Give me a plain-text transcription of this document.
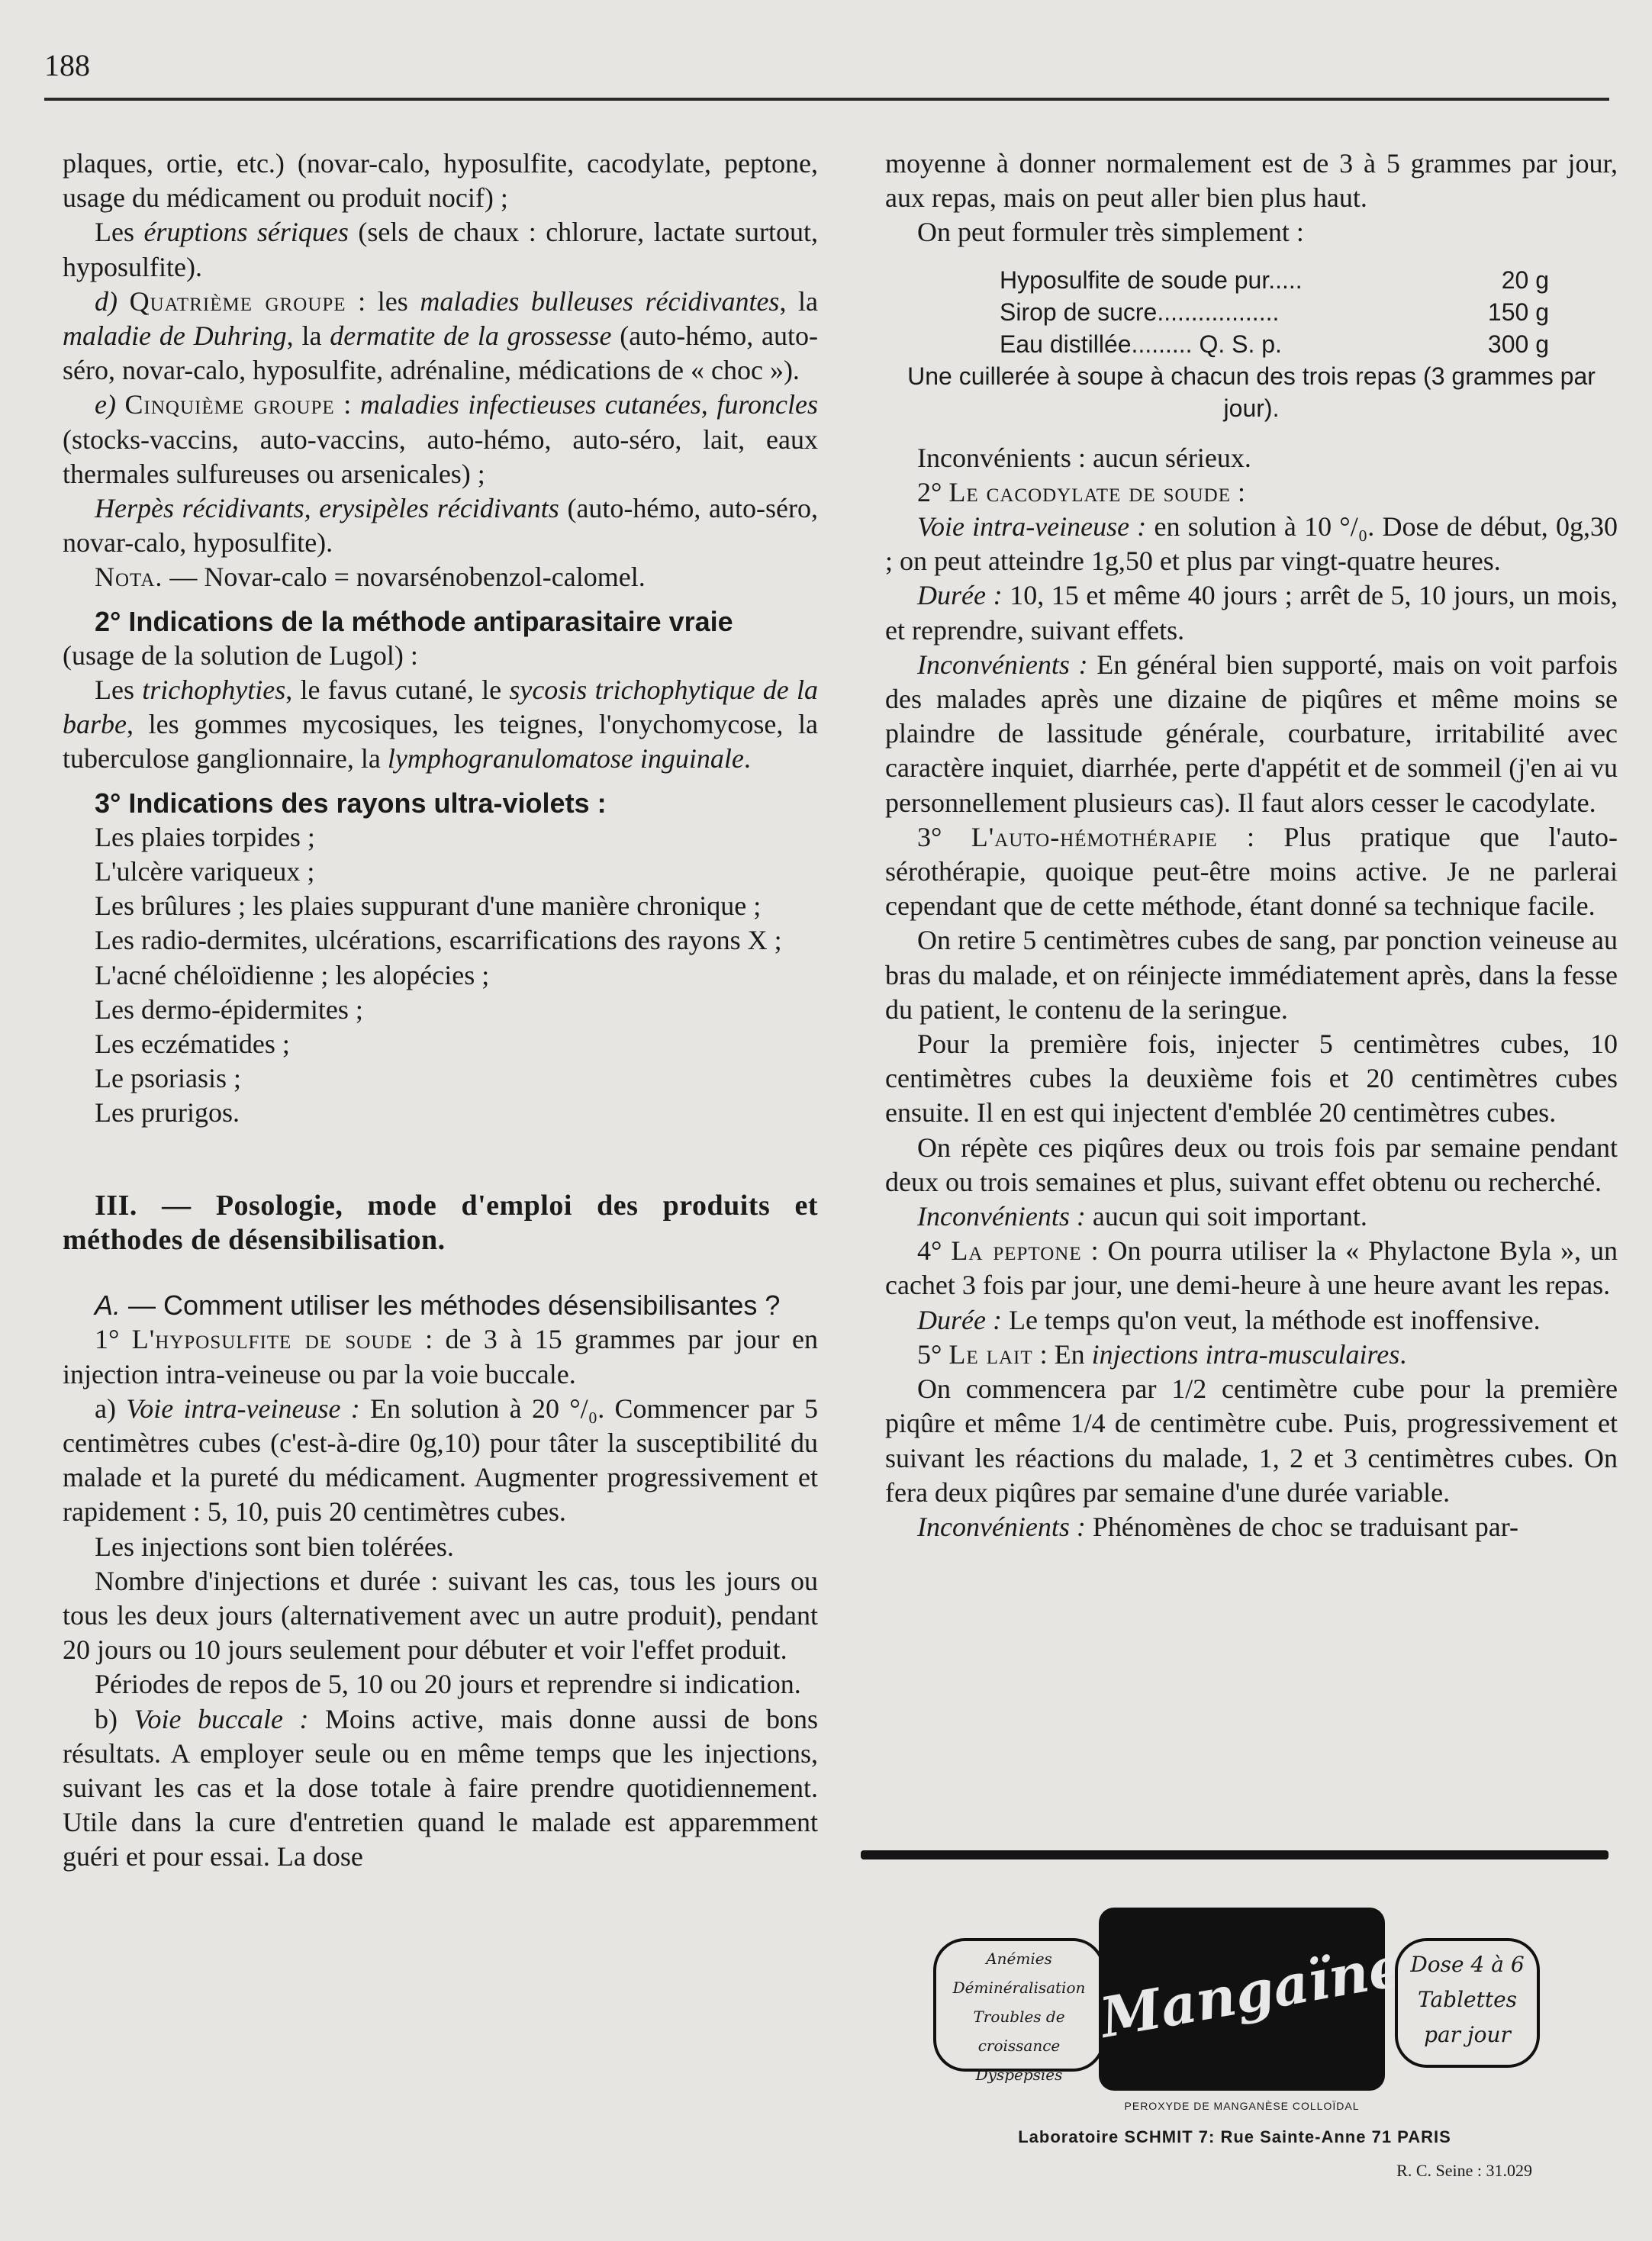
188

plaques, ortie, etc.) (novar-calo, hyposulfite, cacodylate, peptone, usage du médicament ou produit nocif) ;

Les éruptions sériques (sels de chaux : chlorure, lactate surtout, hyposulfite).

d) Quatrième groupe : les maladies bulleuses récidivantes, la maladie de Duhring, la dermatite de la grossesse (auto-hémo, auto-séro, novar-calo, hyposulfite, adrénaline, médications de « choc »).

e) Cinquième groupe : maladies infectieuses cutanées, furoncles (stocks-vaccins, auto-vaccins, auto-hémo, auto-séro, lait, eaux thermales sulfureuses ou arsenicales) ;

Herpès récidivants, erysipèles récidivants (auto-hémo, auto-séro, novar-calo, hyposulfite).

Nota. — Novar-calo = novarsénobenzol-calomel.

2° Indications de la méthode antiparasitaire vraie

(usage de la solution de Lugol) :

Les trichophyties, le favus cutané, le sycosis trichophytique de la barbe, les gommes mycosiques, les teignes, l'onychomycose, la tuberculose ganglionnaire, la lymphogranulomatose inguinale.

3° Indications des rayons ultra-violets :

Les plaies torpides ;

L'ulcère variqueux ;

Les brûlures ; les plaies suppurant d'une manière chronique ;

Les radio-dermites, ulcérations, escarrifications des rayons X ;

L'acné chéloïdienne ; les alopécies ;

Les dermo-épidermites ;

Les eczématides ;

Le psoriasis ;

Les prurigos.

III. — Posologie, mode d'emploi des produits et méthodes de désensibilisation.

A. — Comment utiliser les méthodes désensibilisantes ?

1° L'hyposulfite de soude : de 3 à 15 grammes par jour en injection intra-veineuse ou par la voie buccale.

a) Voie intra-veineuse : En solution à 20 °/₀. Commencer par 5 centimètres cubes (c'est-à-dire 0g,10) pour tâter la susceptibilité du malade et la pureté du médicament. Augmenter progressivement et rapidement : 5, 10, puis 20 centimètres cubes.

Les injections sont bien tolérées.

Nombre d'injections et durée : suivant les cas, tous les jours ou tous les deux jours (alternativement avec un autre produit), pendant 20 jours ou 10 jours seulement pour débuter et voir l'effet produit.

Périodes de repos de 5, 10 ou 20 jours et reprendre si indication.

b) Voie buccale : Moins active, mais donne aussi de bons résultats. A employer seule ou en même temps que les injections, suivant les cas et la dose totale à faire prendre quotidiennement. Utile dans la cure d'entretien quand le malade est apparemment guéri et pour essai. La dose

moyenne à donner normalement est de 3 à 5 grammes par jour, aux repas, mais on peut aller bien plus haut.

On peut formuler très simplement :

Hyposulfite de soude pur.....	20 g
Sirop de sucre..................	150 g
Eau distillée......... Q. S. p.	300 g
Une cuillerée à soupe à chacun des trois repas (3 grammes par jour).

Inconvénients : aucun sérieux.

2° Le cacodylate de soude :

Voie intra-veineuse : en solution à 10 °/₀. Dose de début, 0g,30 ; on peut atteindre 1g,50 et plus par vingt-quatre heures.

Durée : 10, 15 et même 40 jours ; arrêt de 5, 10 jours, un mois, et reprendre, suivant effets.

Inconvénients : En général bien supporté, mais on voit parfois des malades après une dizaine de piqûres et même moins se plaindre de lassitude générale, courbature, irritabilité avec caractère inquiet, diarrhée, perte d'appétit et de sommeil (j'en ai vu personnellement plusieurs cas). Il faut alors cesser le cacodylate.

3° L'auto-hémothérapie : Plus pratique que l'auto-sérothérapie, quoique peut-être moins active. Je ne parlerai cependant que de cette méthode, étant donné sa technique facile.

On retire 5 centimètres cubes de sang, par ponction veineuse au bras du malade, et on réinjecte immédiatement après, dans la fesse du patient, le contenu de la seringue.

Pour la première fois, injecter 5 centimètres cubes, 10 centimètres cubes la deuxième fois et 20 centimètres cubes ensuite. Il en est qui injectent d'emblée 20 centimètres cubes.

On répète ces piqûres deux ou trois fois par semaine pendant deux ou trois semaines et plus, suivant effet obtenu ou recherché.

Inconvénients : aucun qui soit important.

4° La peptone : On pourra utiliser la « Phylactone Byla », un cachet 3 fois par jour, une demi-heure à une heure avant les repas.

Durée : Le temps qu'on veut, la méthode est inoffensive.

5° Le lait : En injections intra-musculaires.

On commencera par 1/2 centimètre cube pour la première piqûre et même 1/4 de centimètre cube. Puis, progressivement et suivant les réactions du malade, 1, 2 et 3 centimètres cubes. On fera deux piqûres par semaine d'une durée variable.

Inconvénients : Phénomènes de choc se traduisant par-

Anémies
Déminéralisation
Troubles de croissance
Dyspepsies
Mangaïne Dose 4 à 6
Tablettes
par jour
PEROXYDE DE MANGANÈSE COLLOÏDAL
Laboratoire SCHMIT 7: Rue Sainte-Anne 71 PARIS
R. C. Seine : 31.029
